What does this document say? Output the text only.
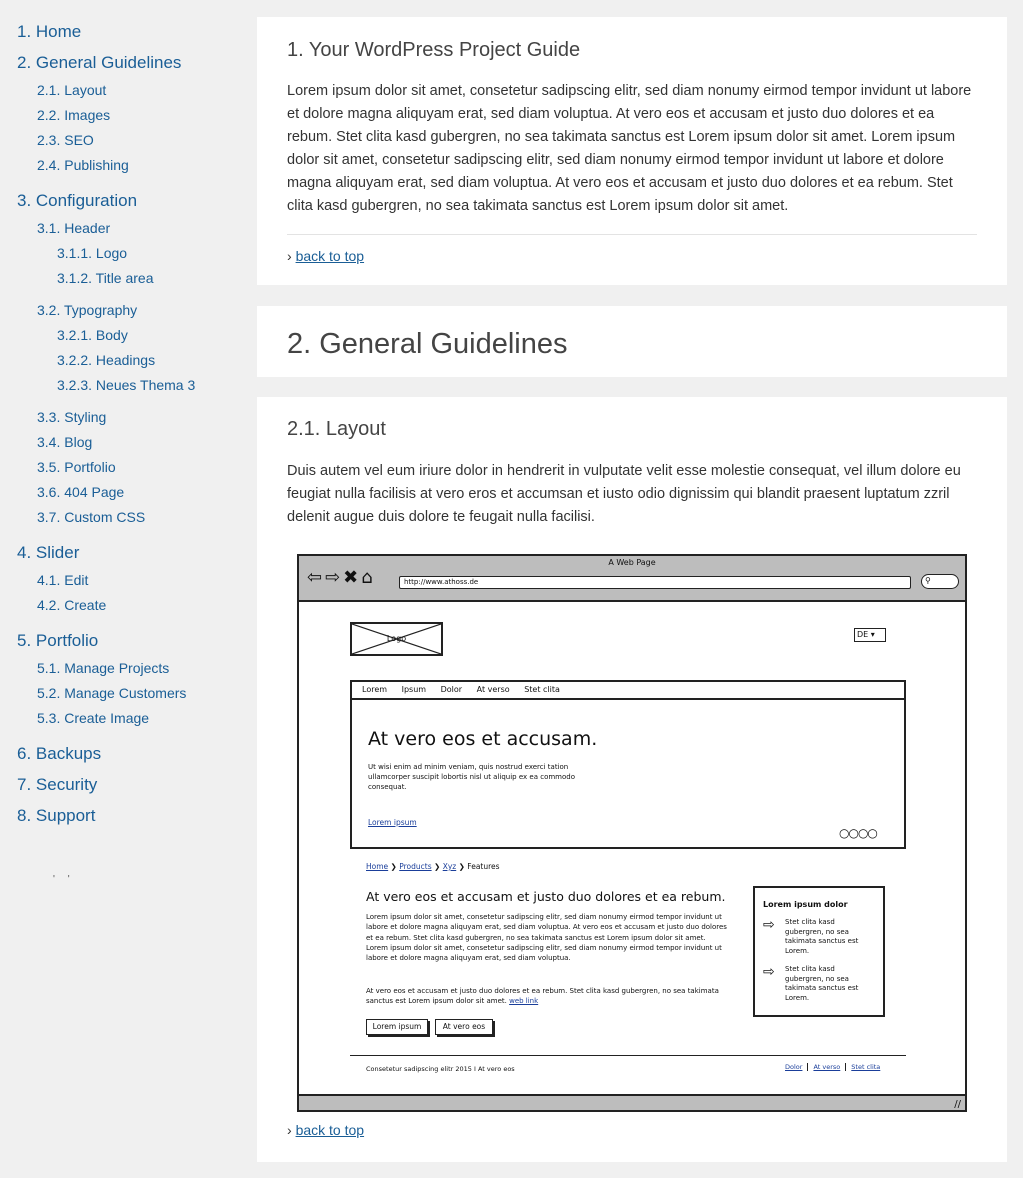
1. Home
2. General Guidelines
2.1. Layout
2.2. Images
2.3. SEO
2.4. Publishing
3. Configuration
3.1. Header
3.1.1. Logo
3.1.2. Title area
3.2. Typography
3.2.1. Body
3.2.2. Headings
3.2.3. Neues Thema 3
3.3. Styling
3.4. Blog
3.5. Portfolio
3.6. 404 Page
3.7. Custom CSS
4. Slider
4.1. Edit
4.2. Create
5. Portfolio
5.1. Manage Projects
5.2. Manage Customers
5.3. Create Image
6. Backups
7. Security
8. Support
' '
1. Your WordPress Project Guide

Lorem ipsum dolor sit amet, consetetur sadipscing elitr, sed diam nonumy eirmod tempor invidunt ut labore et dolore magna aliquyam erat, sed diam voluptua. At vero eos et accusam et justo duo dolores et ea rebum. Stet clita kasd gubergren, no sea takimata sanctus est Lorem ipsum dolor sit amet. Lorem ipsum dolor sit amet, consetetur sadipscing elitr, sed diam nonumy eirmod tempor invidunt ut labore et dolore magna aliquyam erat, sed diam voluptua. At vero eos et accusam et justo duo dolores et ea rebum. Stet clita kasd gubergren, no sea takimata sanctus est Lorem ipsum dolor sit amet.

› back to top
2. General Guidelines
2.1. Layout

Duis autem vel eum iriure dolor in hendrerit in vulputate velit esse molestie consequat, vel illum dolore eu feugiat nulla facilisis at vero eros et accumsan et iusto odio dignissim qui blandit praesent luptatum zzril delenit augue duis dolore te feugait nulla facilisi.

A Web Page
⇦⇨✖⌂	http://www.athoss.de	⚲
Logo	DE ▾
Lorem Ipsum Dolor At verso Stet clita
At vero eos et accusam.
Ut wisi enim ad minim veniam, quis nostrud exerci tation ullamcorper suscipit lobortis nisl ut aliquip ex ea commodo consequat.
Lorem ipsum
○○○○
Home ❯ Products ❯ Xyz ❯ Features
At vero eos et accusam et justo duo dolores et ea rebum.
Lorem ipsum dolor sit amet, consetetur sadipscing elitr, sed diam nonumy eirmod tempor invidunt ut labore et dolore magna aliquyam erat, sed diam voluptua. At vero eos et accusam et justo duo dolores et ea rebum. Stet clita kasd gubergren, no sea takimata sanctus est Lorem ipsum dolor sit amet. Lorem ipsum dolor sit amet, consetetur sadipscing elitr, sed diam nonumy eirmod tempor invidunt ut labore et dolore magna aliquyam erat, sed diam voluptua.
At vero eos et accusam et justo duo dolores et ea rebum. Stet clita kasd gubergren, no sea takimata sanctus est Lorem ipsum dolor sit amet. web link
Lorem ipsum	At vero eos
Lorem ipsum dolor
⇨ Stet clita kasd gubergren, no sea takimata sanctus est Lorem.
⇨ Stet clita kasd gubergren, no sea takimata sanctus est Lorem.
Consetetur sadipscing elitr 2015 I At vero eos	Dolor At verso Stet clita
//
› back to top
